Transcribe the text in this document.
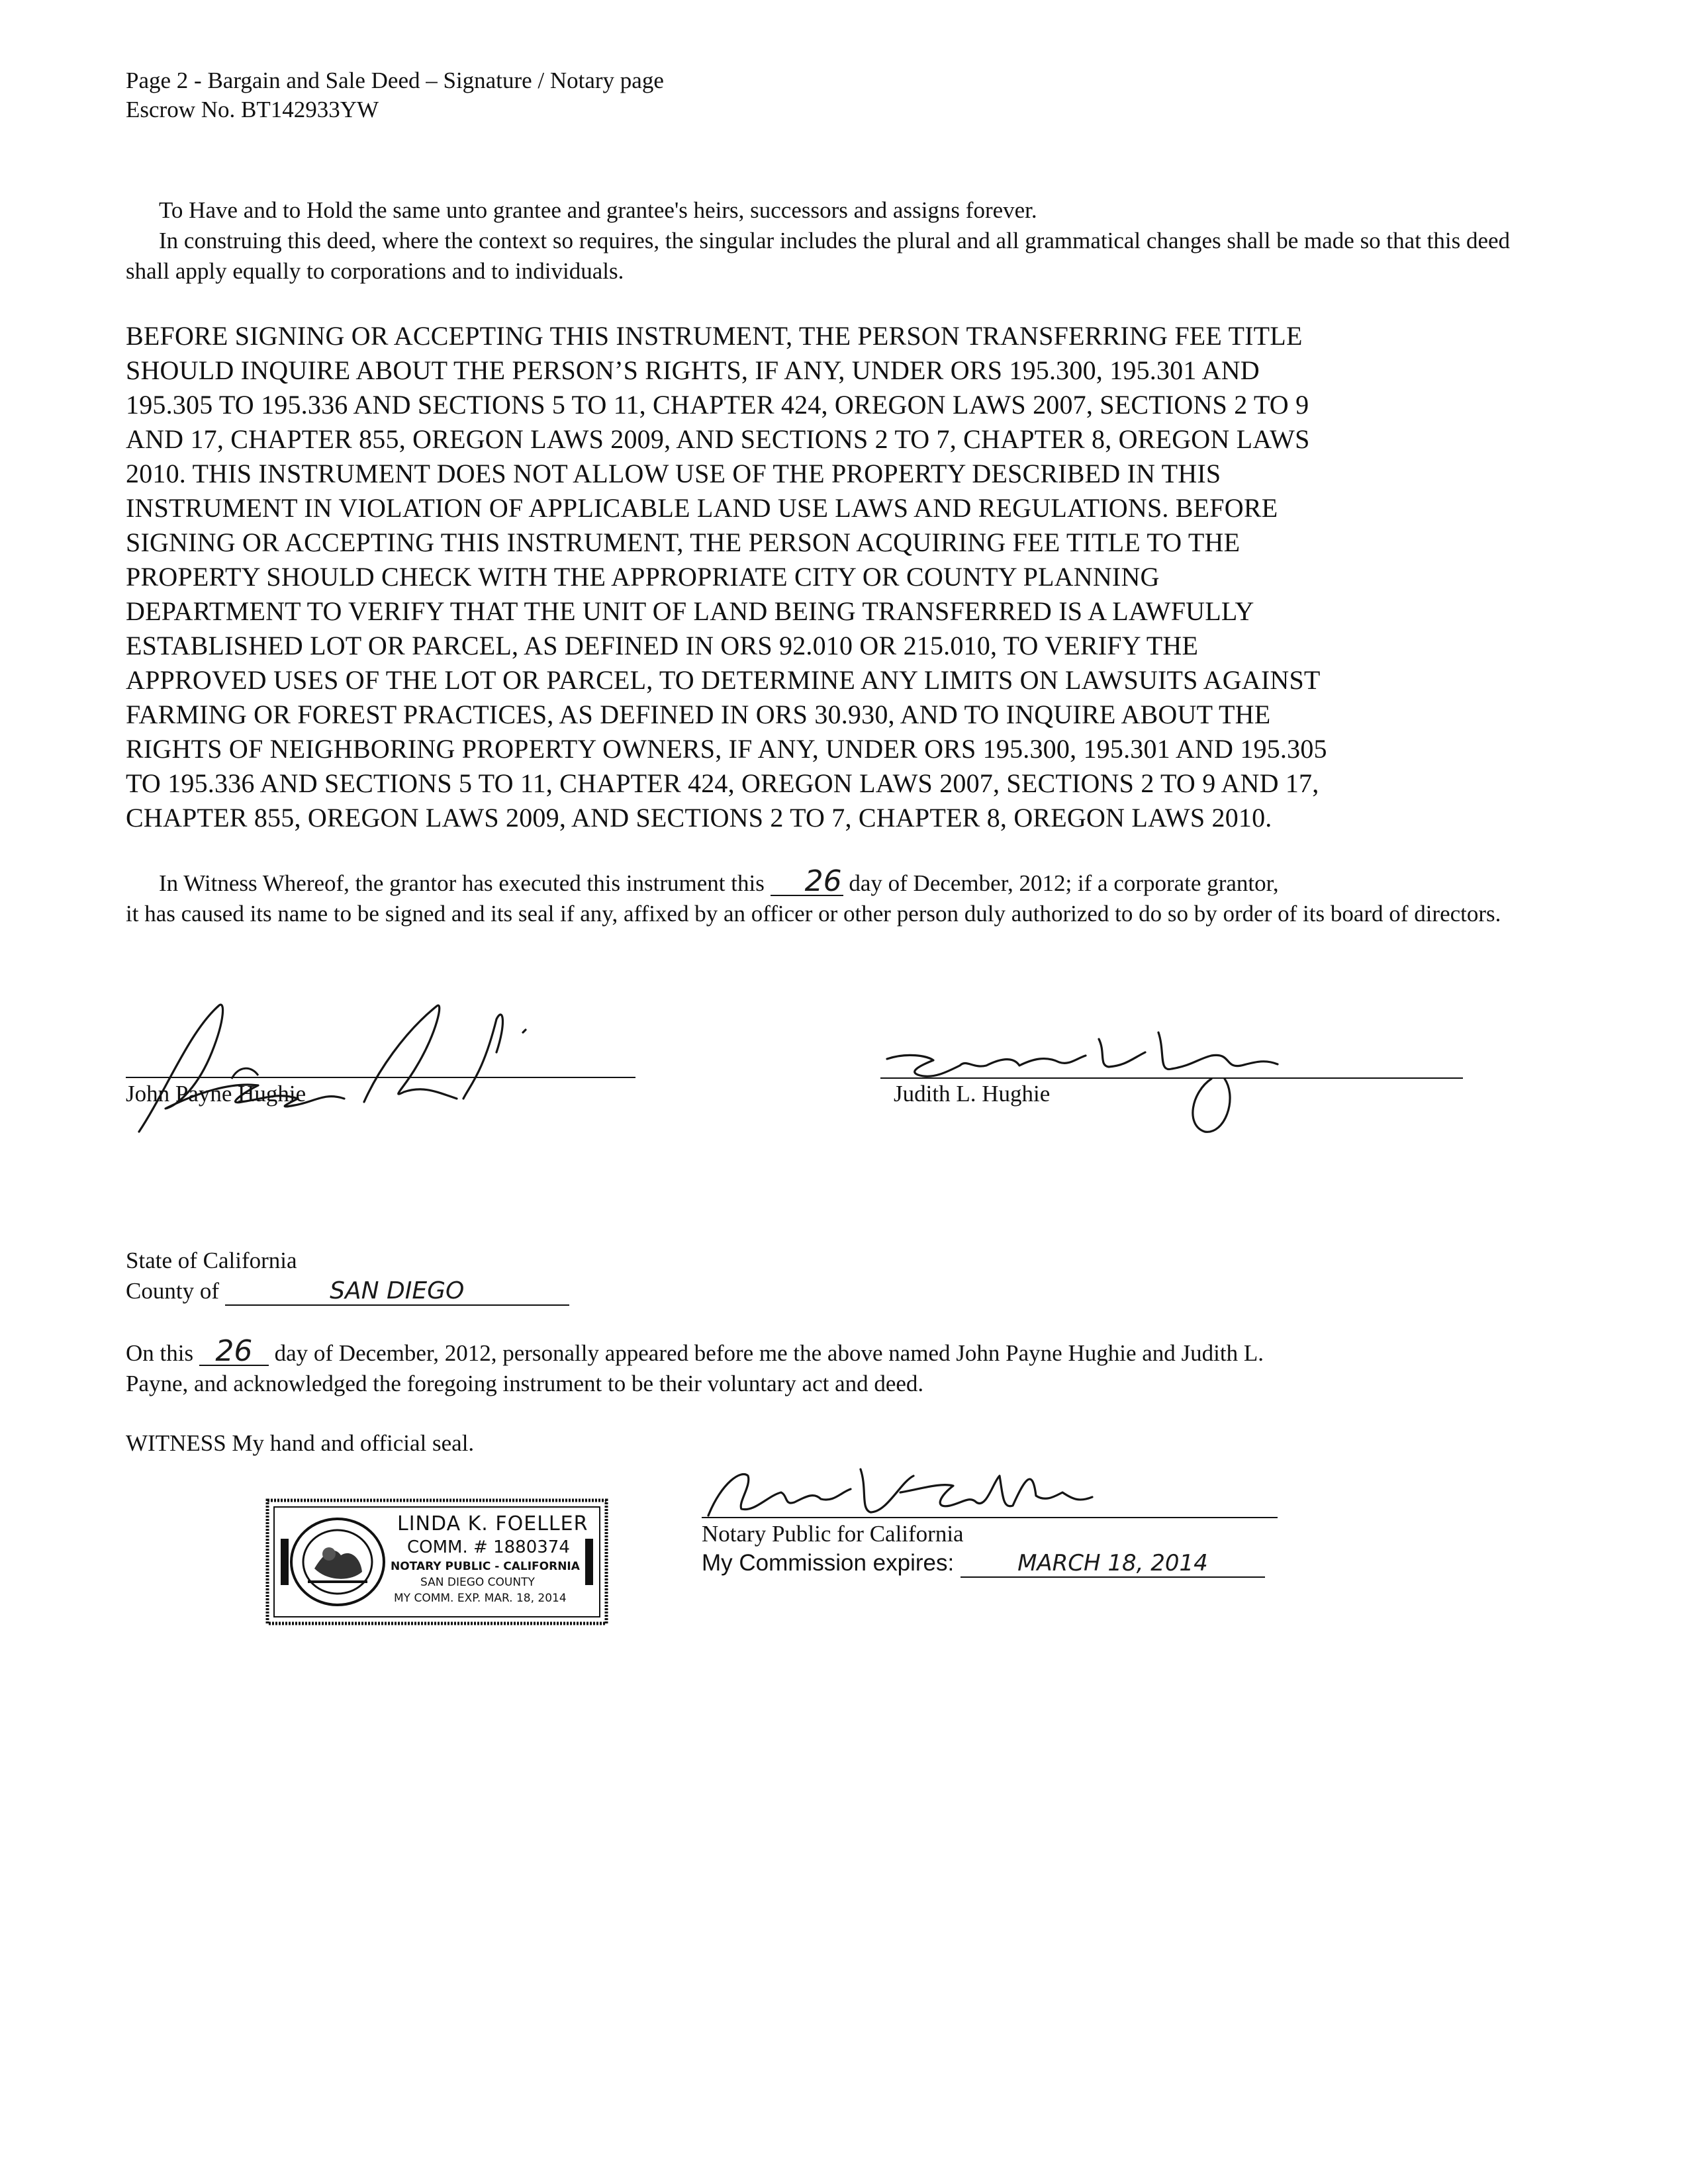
Page 2 - Bargain and Sale Deed – Signature / Notary page
Escrow No. BT142933YW
To Have and to Hold the same unto grantee and grantee's heirs, successors and assigns forever.
In construing this deed, where the context so requires, the singular includes the plural and all grammatical changes shall be made so that this deed shall apply equally to corporations and to individuals.
BEFORE SIGNING OR ACCEPTING THIS INSTRUMENT, THE PERSON TRANSFERRING FEE TITLE
SHOULD INQUIRE ABOUT THE PERSON’S RIGHTS, IF ANY, UNDER ORS 195.300, 195.301 AND
195.305 TO 195.336 AND SECTIONS 5 TO 11, CHAPTER 424, OREGON LAWS 2007, SECTIONS 2 TO 9
AND 17, CHAPTER 855, OREGON LAWS 2009, AND SECTIONS 2 TO 7, CHAPTER 8, OREGON LAWS
2010. THIS INSTRUMENT DOES NOT ALLOW USE OF THE PROPERTY DESCRIBED IN THIS
INSTRUMENT IN VIOLATION OF APPLICABLE LAND USE LAWS AND REGULATIONS. BEFORE
SIGNING OR ACCEPTING THIS INSTRUMENT, THE PERSON ACQUIRING FEE TITLE TO THE
PROPERTY SHOULD CHECK WITH THE APPROPRIATE CITY OR COUNTY PLANNING
DEPARTMENT TO VERIFY THAT THE UNIT OF LAND BEING TRANSFERRED IS A LAWFULLY
ESTABLISHED LOT OR PARCEL, AS DEFINED IN ORS 92.010 OR 215.010, TO VERIFY THE
APPROVED USES OF THE LOT OR PARCEL, TO DETERMINE ANY LIMITS ON LAWSUITS AGAINST
FARMING OR FOREST PRACTICES, AS DEFINED IN ORS 30.930, AND TO INQUIRE ABOUT THE
RIGHTS OF NEIGHBORING PROPERTY OWNERS, IF ANY, UNDER ORS 195.300, 195.301 AND 195.305
TO 195.336 AND SECTIONS 5 TO 11, CHAPTER 424, OREGON LAWS 2007, SECTIONS 2 TO 9 AND 17,
CHAPTER 855, OREGON LAWS 2009, AND SECTIONS 2 TO 7, CHAPTER 8, OREGON LAWS 2010.
In Witness Whereof, the grantor has executed this instrument this 26 day of December, 2012; if a corporate grantor,
it has caused its name to be signed and its seal if any, affixed by an officer or other person duly authorized to do so by order of its board of directors.
John Payne Hughie	Judith L. Hughie
State of California
County of	SAN DIEGO
On this 26 day of December, 2012, personally appeared before me the above named John Payne Hughie and Judith L.
Payne, and acknowledged the foregoing instrument to be their voluntary act and deed.
WITNESS My hand and official seal.
LINDA K. FOELLER
COMM. # 1880374
NOTARY PUBLIC - CALIFORNIA
SAN DIEGO COUNTY
MY COMM. EXP. MAR. 18, 2014
Notary Public for California
My Commission expires:	MARCH 18, 2014
